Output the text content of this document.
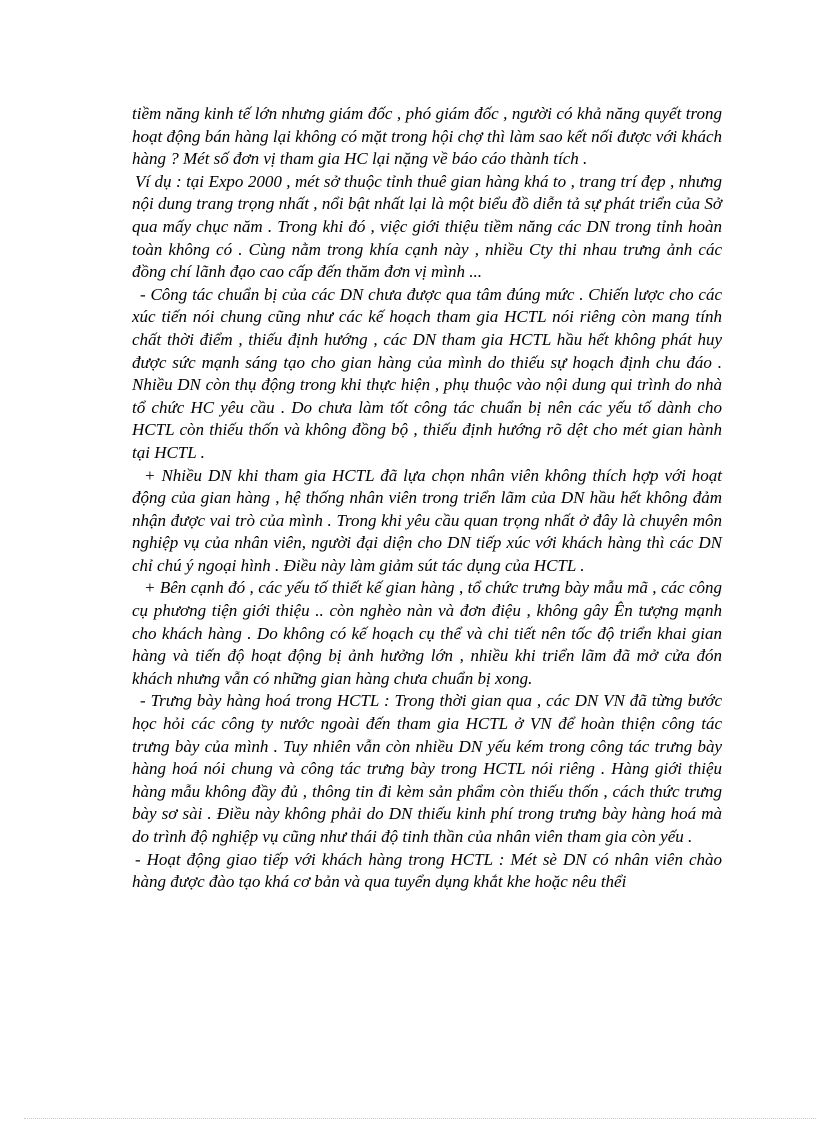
tiềm năng kinh tế lớn nhưng giám đốc , phó giám đốc , người có khả năng quyết trong hoạt động bán hàng lại không có mặt trong hội chợ thì làm sao kết nối được với khách hàng ? Mét số đơn vị tham gia HC lại nặng về báo cáo thành tích .

Ví dụ : tại Expo 2000 , mét sở thuộc tỉnh thuê gian hàng khá to , trang trí đẹp , nhưng nội dung trang trọng nhất , nổi bật nhất lại là một biểu đồ diễn tả sự phát triển của Sở qua mấy chục năm . Trong khi đó , việc giới thiệu tiềm năng các DN trong tỉnh hoàn toàn không có . Cùng nằm trong khía cạnh này , nhiều Cty thi nhau trưng ảnh các đồng chí lãnh đạo cao cấp đến thăm đơn vị mình ...

- Công tác chuẩn bị của các DN chưa được qua tâm đúng mức . Chiến lược cho các xúc tiến nói chung cũng như các kế hoạch tham gia HCTL nói riêng còn mang tính chất thời điểm , thiếu định hướng , các DN tham gia HCTL hầu hết không phát huy được sức mạnh sáng tạo cho gian hàng của mình do thiếu sự hoạch định chu đáo . Nhiều DN còn thụ động trong khi thực hiện , phụ thuộc vào nội dung qui trình do nhà tổ chức HC yêu cầu . Do chưa làm tốt công tác chuẩn bị nên các yếu tố dành cho HCTL còn thiếu thốn và không đồng bộ , thiếu định hướng rõ dệt cho mét gian hành tại HCTL .

+ Nhiều DN khi tham gia HCTL đã lựa chọn nhân viên không thích hợp với hoạt động của gian hàng , hệ thống nhân viên trong triển lãm của DN hầu hết không đảm nhận được vai trò của mình . Trong khi yêu cầu quan trọng nhất ở đây là chuyên môn nghiệp vụ của nhân viên, người đại diện cho DN tiếp xúc với khách hàng thì các DN chỉ chú ý ngoại hình . Điều này làm giảm sút tác dụng của HCTL .

+ Bên cạnh đó , các yếu tố thiết kế gian hàng , tổ chức trưng bày mẫu mã , các công cụ phương tiện giới thiệu .. còn nghèo nàn và đơn điệu , không gây Ên tượng mạnh cho khách hàng . Do không có kế hoạch cụ thể và chi tiết nên tốc độ triển khai gian hàng và tiến độ hoạt động bị ảnh hưởng lớn , nhiều khi triển lãm đã mở cửa đón khách nhưng vẫn có những gian hàng chưa chuẩn bị xong.

- Trưng bày hàng hoá trong HCTL : Trong thời gian qua , các DN VN đã từng bước học hỏi các công ty nước ngoài đến tham gia HCTL ở VN để hoàn thiện công tác trưng bày của mình . Tuy nhiên vẫn còn nhiều DN yếu kém trong công tác trưng bày hàng hoá nói chung và công tác trưng bày trong HCTL nói riêng . Hàng giới thiệu hàng mẫu không đầy đủ , thông tin đi kèm sản phẩm còn thiếu thốn , cách thức trưng bày sơ sài . Điều này không phải do DN thiếu kinh phí trong trưng bày hàng hoá mà do trình độ nghiệp vụ cũng như thái độ tinh thần của nhân viên tham gia còn yếu .

- Hoạt động giao tiếp với khách hàng trong HCTL : Mét sè DN có nhân viên chào hàng được đào tạo khá cơ bản và qua tuyển dụng khắt khe hoặc nêu thểi
